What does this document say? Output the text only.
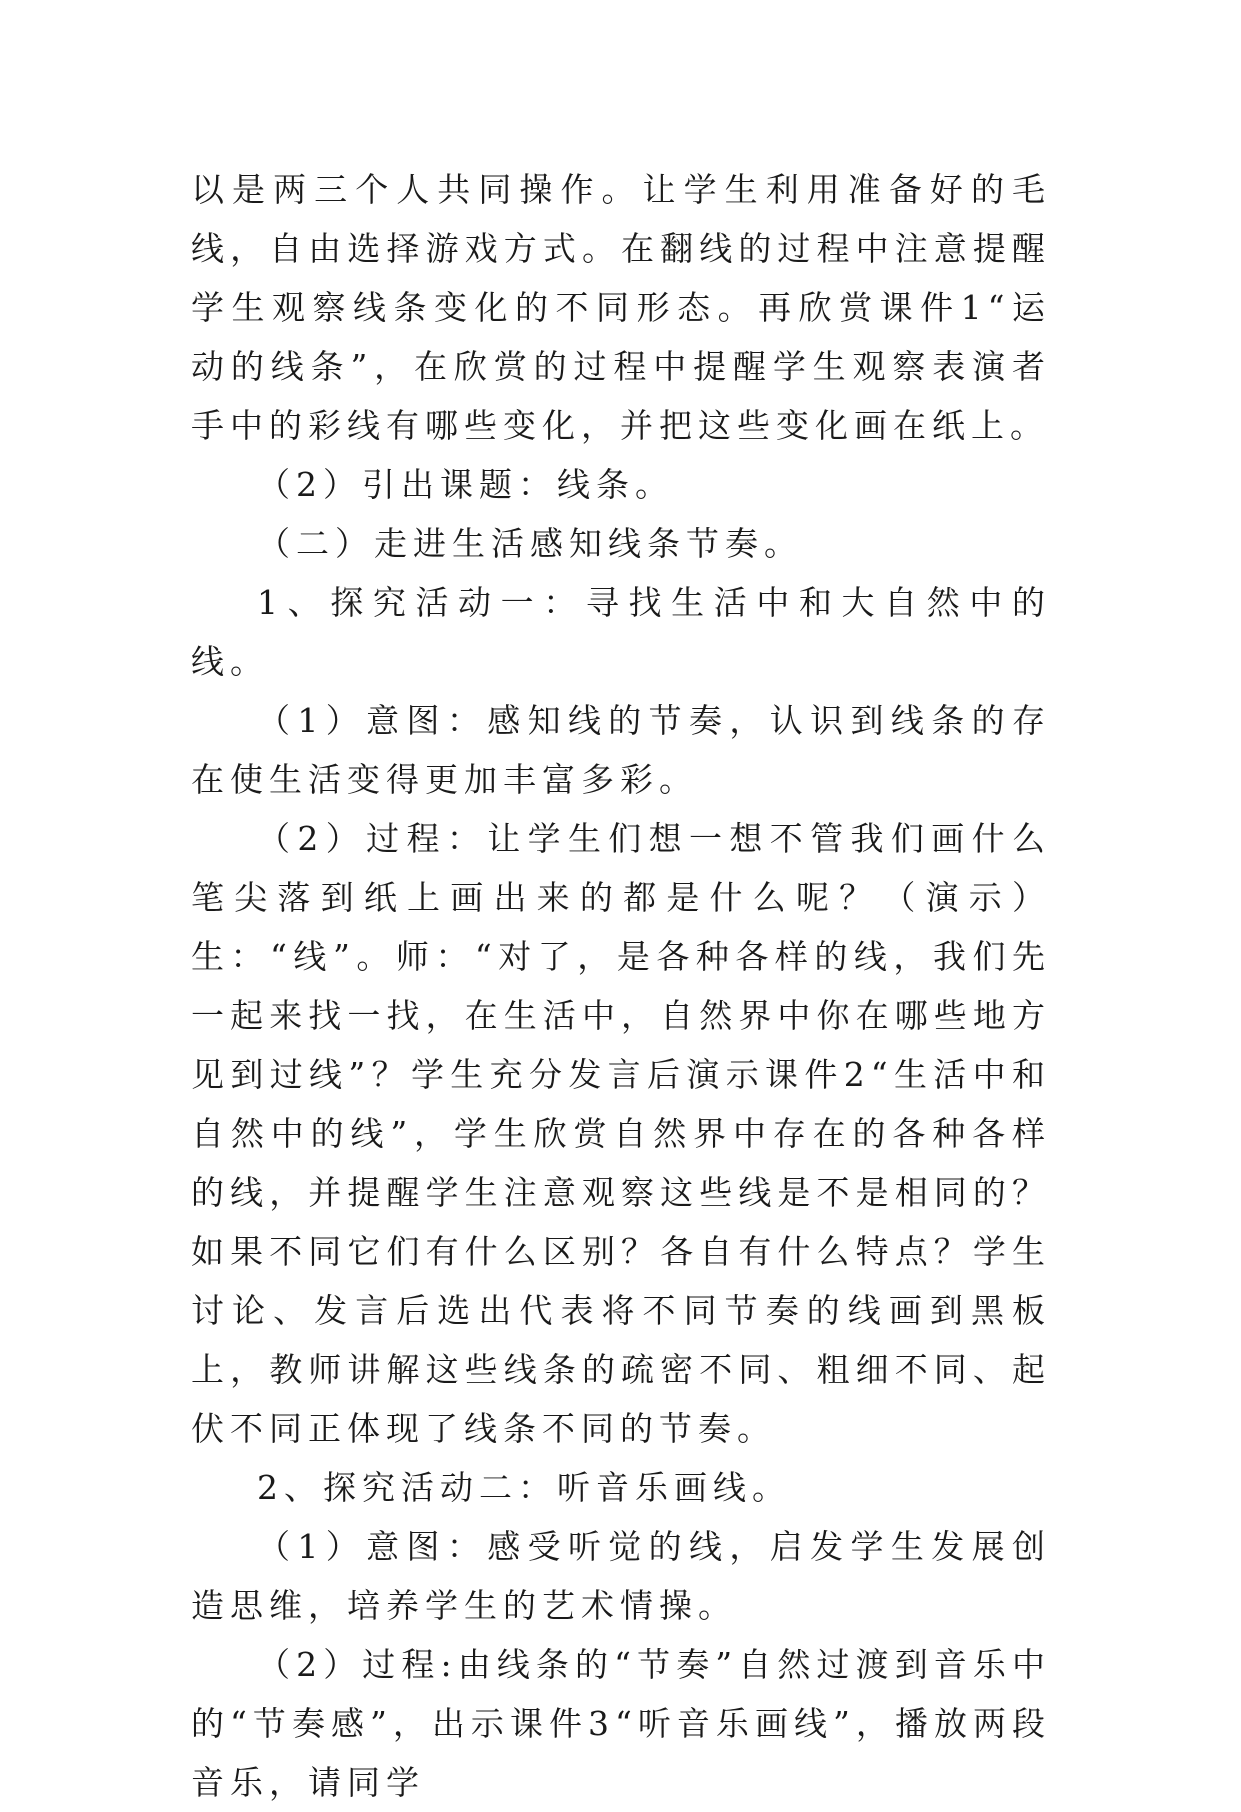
以是两三个人共同操作。让学生利用准备好的毛线，自由选择游戏方式。在翻线的过程中注意提醒学生观察线条变化的不同形态。再欣赏课件1“运动的线条”，在欣赏的过程中提醒学生观察表演者手中的彩线有哪些变化，并把这些变化画在纸上。

（2）引出课题：线条。

（二）走进生活感知线条节奏。

1、探究活动一：寻找生活中和大自然中的线。

（1）意图：感知线的节奏，认识到线条的存在使生活变得更加丰富多彩。

（2）过程：让学生们想一想不管我们画什么笔尖落到纸上画出来的都是什么呢？（演示）生：“线”。师：“对了，是各种各样的线，我们先一起来找一找，在生活中，自然界中你在哪些地方见到过线”？学生充分发言后演示课件2“生活中和自然中的线”，学生欣赏自然界中存在的各种各样的线，并提醒学生注意观察这些线是不是相同的？如果不同它们有什么区别？各自有什么特点？学生讨论、发言后选出代表将不同节奏的线画到黑板上，教师讲解这些线条的疏密不同、粗细不同、起伏不同正体现了线条不同的节奏。

2、探究活动二：听音乐画线。

（1）意图：感受听觉的线，启发学生发展创造思维，培养学生的艺术情操。

（2）过程:由线条的“节奏”自然过渡到音乐中的“节奏感”，出示课件3“听音乐画线”，播放两段音乐，请同学
